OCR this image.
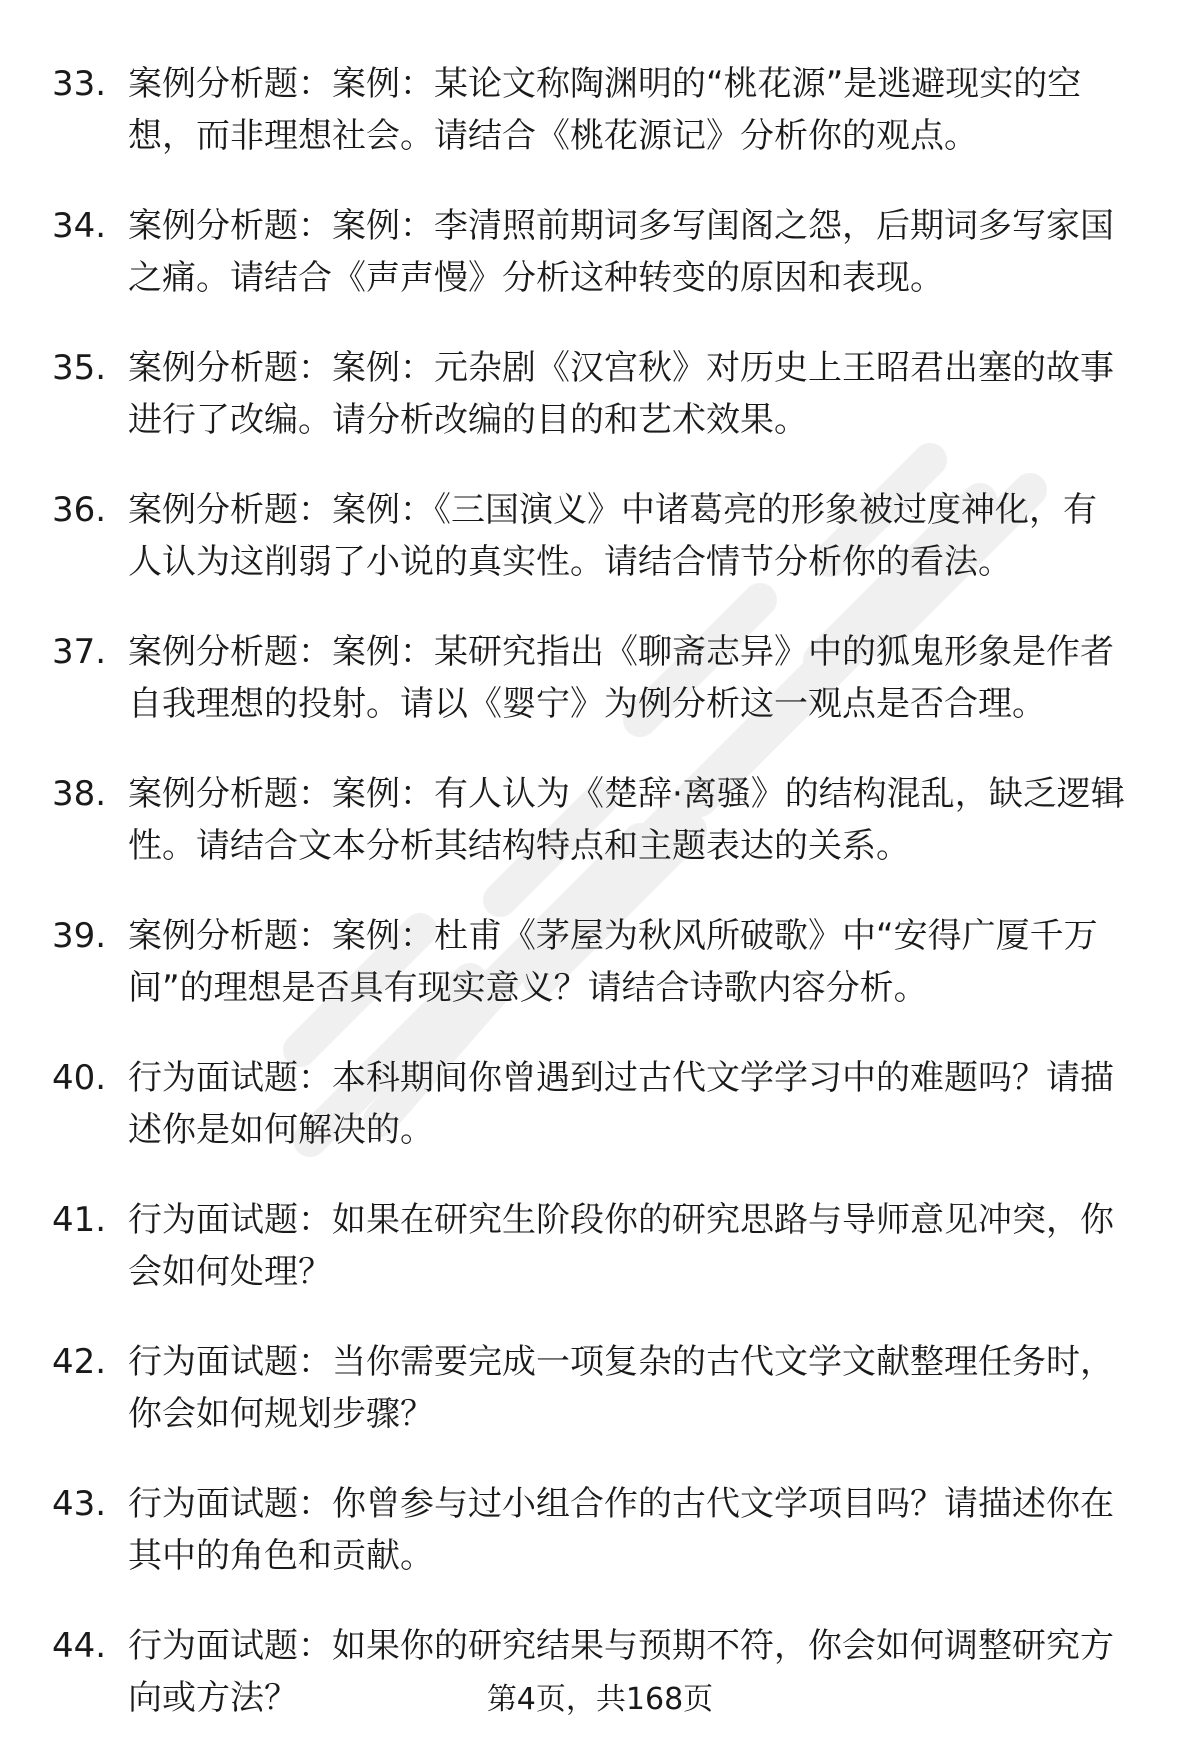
33. 案例分析题：案例：某论文称陶渊明的“桃花源”是逃避现实的空想，而非理想社会。请结合《桃花源记》分析你的观点。
34. 案例分析题：案例：李清照前期词多写闺阁之怨，后期词多写家国之痛。请结合《声声慢》分析这种转变的原因和表现。
35. 案例分析题：案例：元杂剧《汉宫秋》对历史上王昭君出塞的故事进行了改编。请分析改编的目的和艺术效果。
36. 案例分析题：案例：《三国演义》中诸葛亮的形象被过度神化，有人认为这削弱了小说的真实性。请结合情节分析你的看法。
37. 案例分析题：案例：某研究指出《聊斋志异》中的狐鬼形象是作者自我理想的投射。请以《婴宁》为例分析这一观点是否合理。
38. 案例分析题：案例：有人认为《楚辞·离骚》的结构混乱，缺乏逻辑性。请结合文本分析其结构特点和主题表达的关系。
39. 案例分析题：案例：杜甫《茅屋为秋风所破歌》中“安得广厦千万间”的理想是否具有现实意义？请结合诗歌内容分析。
40. 行为面试题：本科期间你曾遇到过古代文学学习中的难题吗？请描述你是如何解决的。
41. 行为面试题：如果在研究生阶段你的研究思路与导师意见冲突，你会如何处理？
42. 行为面试题：当你需要完成一项复杂的古代文学文献整理任务时，你会如何规划步骤？
43. 行为面试题：你曾参与过小组合作的古代文学项目吗？请描述你在其中的角色和贡献。
44. 行为面试题：如果你的研究结果与预期不符，你会如何调整研究方向或方法？	第4页，共168页
